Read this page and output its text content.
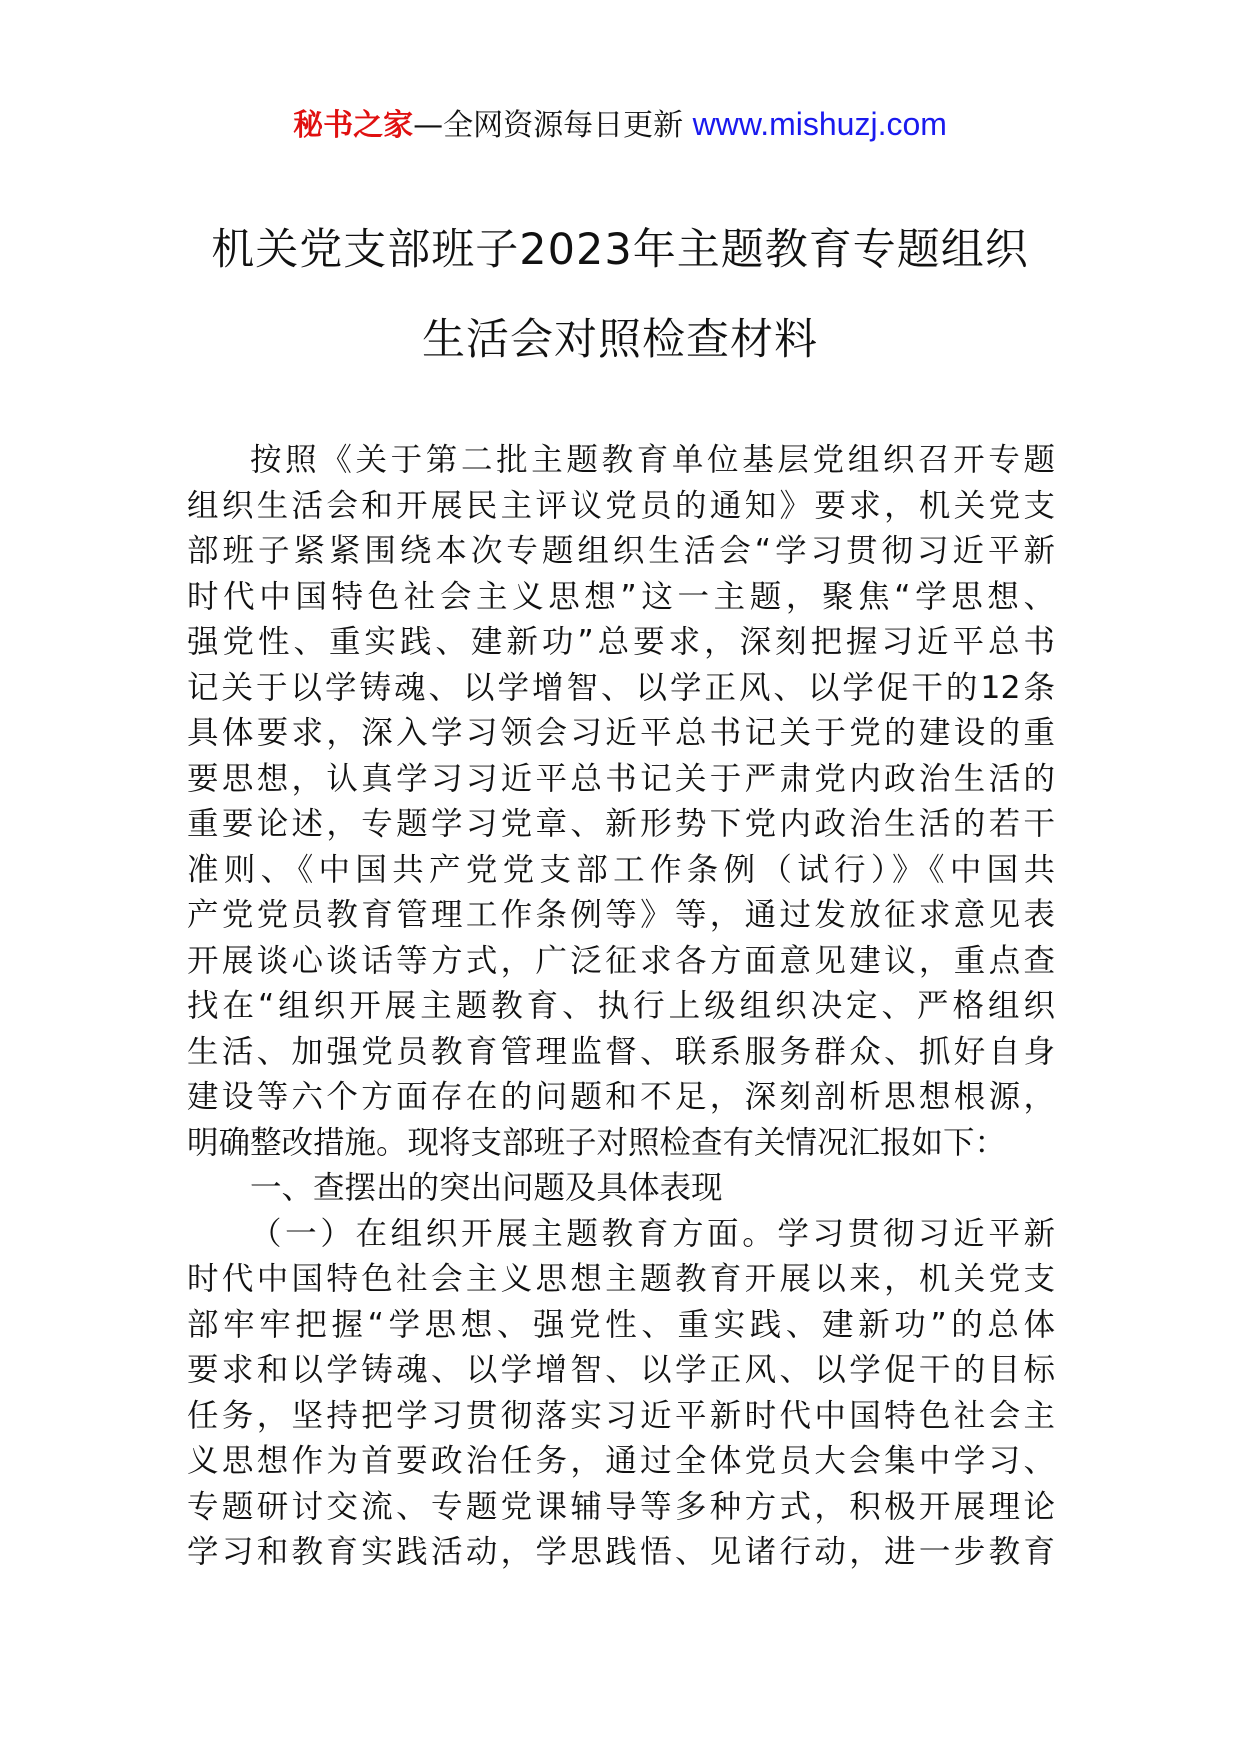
秘书之家—全网资源每日更新 www.mishuzj.com
机关党支部班子2023年主题教育专题组织
生活会对照检查材料
按照《关于第二批主题教育单位基层党组织召开专题
组织生活会和开展民主评议党员的通知》要求，机关党支
部班子紧紧围绕本次专题组织生活会“学习贯彻习近平新
时代中国特色社会主义思想”这一主题，聚焦“学思想、
强党性、重实践、建新功”总要求，深刻把握习近平总书
记关于以学铸魂、以学增智、以学正风、以学促干的12条
具体要求，深入学习领会习近平总书记关于党的建设的重
要思想，认真学习习近平总书记关于严肃党内政治生活的
重要论述，专题学习党章、新形势下党内政治生活的若干
准则、《中国共产党党支部工作条例（试行）》《中国共
产党党员教育管理工作条例等》等，通过发放征求意见表
开展谈心谈话等方式，广泛征求各方面意见建议，重点查
找在“组织开展主题教育、执行上级组织决定、严格组织
生活、加强党员教育管理监督、联系服务群众、抓好自身
建设等六个方面存在的问题和不足，深刻剖析思想根源，
明确整改措施。现将支部班子对照检查有关情况汇报如下：
一、查摆出的突出问题及具体表现
（一）在组织开展主题教育方面。学习贯彻习近平新
时代中国特色社会主义思想主题教育开展以来，机关党支
部牢牢把握“学思想、强党性、重实践、建新功”的总体
要求和以学铸魂、以学增智、以学正风、以学促干的目标
任务，坚持把学习贯彻落实习近平新时代中国特色社会主
义思想作为首要政治任务，通过全体党员大会集中学习、
专题研讨交流、专题党课辅导等多种方式，积极开展理论
学习和教育实践活动，学思践悟、见诸行动，进一步教育
